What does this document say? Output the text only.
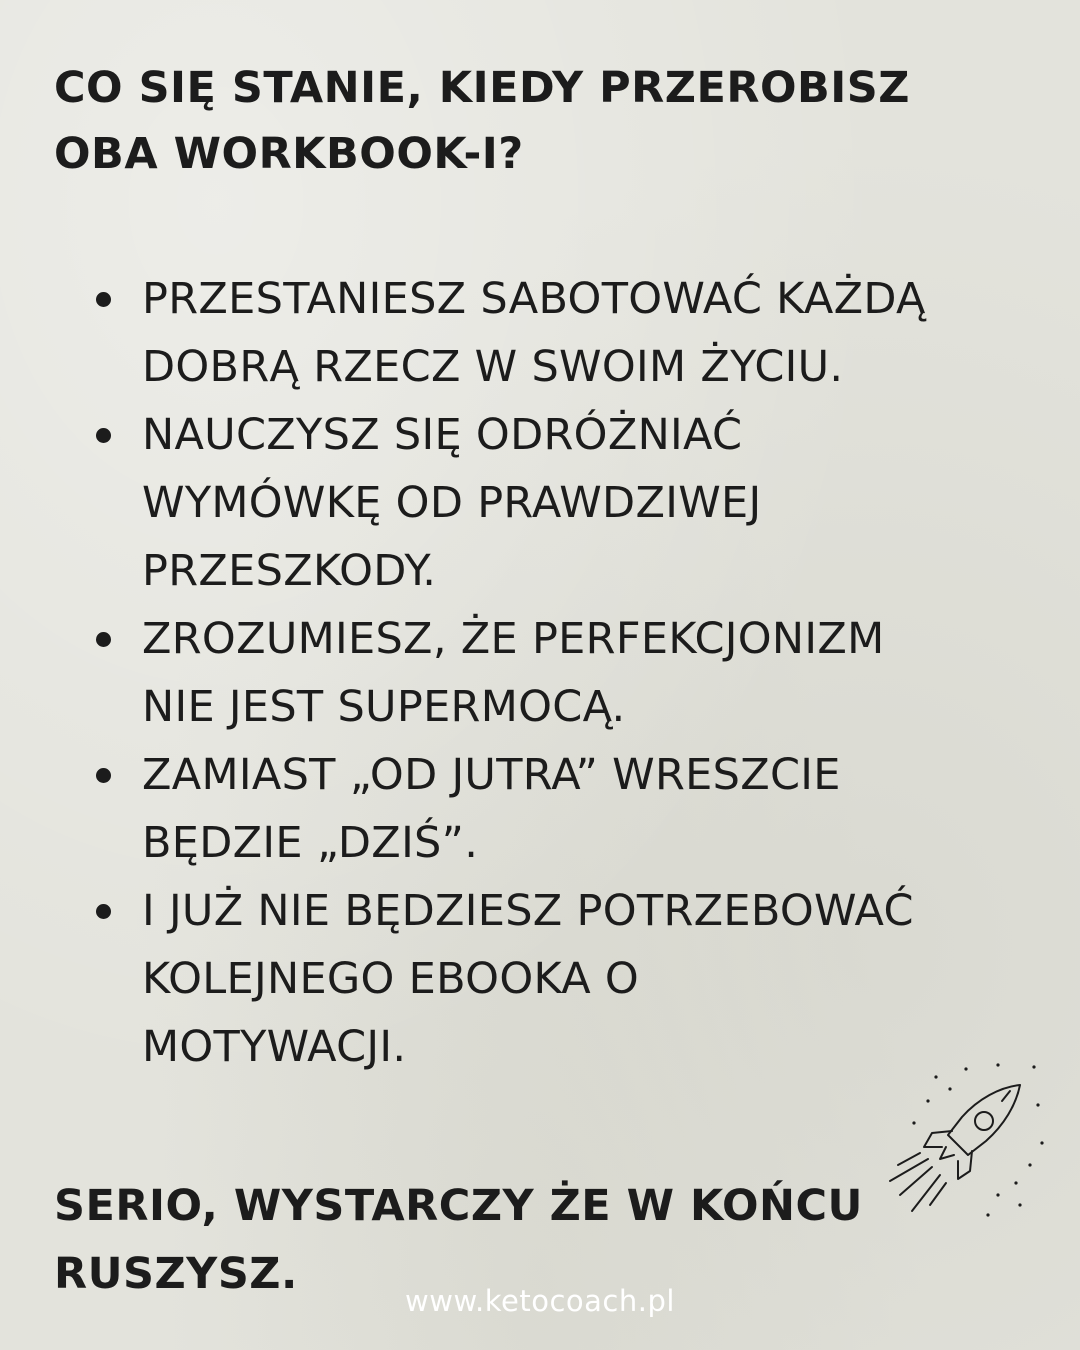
CO SIĘ STANIE, KIEDY PRZEROBISZ
OBA WORKBOOK-I?
PRZESTANIESZ SABOTOWAĆ KAŻDĄ
DOBRĄ RZECZ W SWOIM ŻYCIU.
NAUCZYSZ SIĘ ODRÓŻNIAĆ
WYMÓWKĘ OD PRAWDZIWEJ
PRZESZKODY.
ZROZUMIESZ, ŻE PERFEKCJONIZM
NIE JEST SUPERMOCĄ.
ZAMIAST „OD JUTRA” WRESZCIE
BĘDZIE „DZIŚ”.
I JUŻ NIE BĘDZIESZ POTRZEBOWAĆ
KOLEJNEGO EBOOKA O
MOTYWACJI.

SERIO, WYSTARCZY ŻE W KOŃCU
RUSZYSZ.

www.ketocoach.pl
